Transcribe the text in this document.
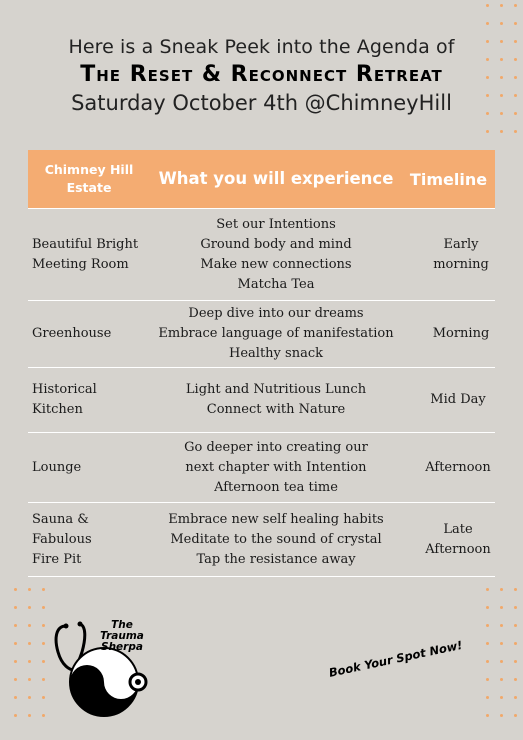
Here is a Sneak Peek into the Agenda of
The Reset & Reconnect Retreat
Saturday October 4th @ChimneyHill
Chimney Hill Estate	What you will experience	Timeline

Beautiful Bright Meeting Room	Set our Intentions
Ground body and mind
Make new connections
Matcha Tea	Early morning

Greenhouse	Deep dive into our dreams
Embrace language of manifestation
Healthy snack	Morning

Historical Kitchen	Light and Nutritious Lunch
Connect with Nature	Mid Day

Lounge	Go deeper into creating our
next chapter with Intention
Afternoon tea time	Afternoon

Sauna & Fabulous Fire Pit	Embrace new self healing habits
Meditate to the sound of crystal
Tap the resistance away	Late Afternoon
The Trauma Sherpa	Book Your Spot Now!
